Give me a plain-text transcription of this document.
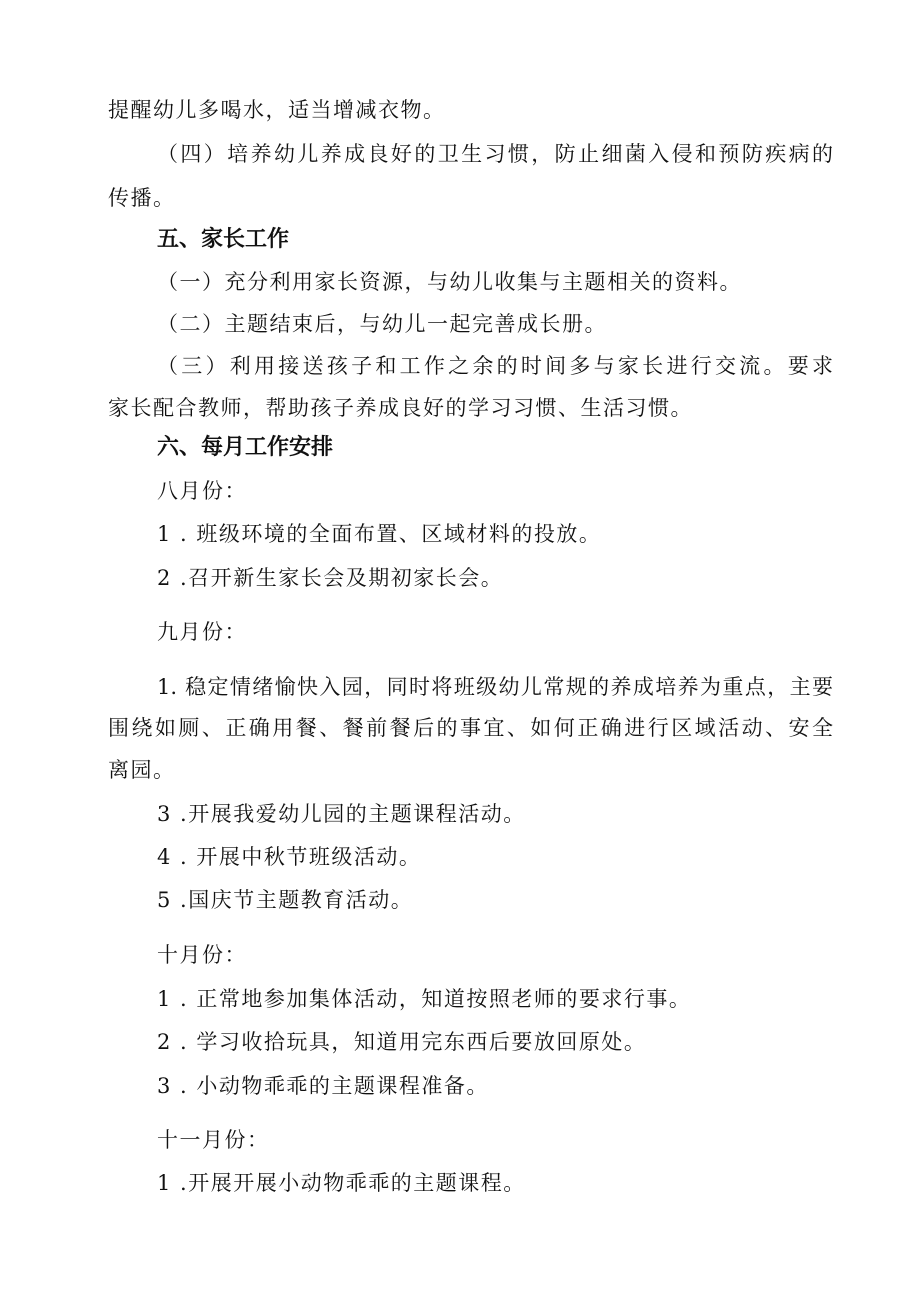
提醒幼儿多喝水，适当增减衣物。

（四）培养幼儿养成良好的卫生习惯，防止细菌入侵和预防疾病的

传播。

五、家长工作

（一）充分利用家长资源，与幼儿收集与主题相关的资料。

（二）主题结束后，与幼儿一起完善成长册。

（三）利用接送孩子和工作之余的时间多与家长进行交流。要求

家长配合教师，帮助孩子养成良好的学习习惯、生活习惯。

六、每月工作安排

八月份：

1 . 班级环境的全面布置、区域材料的投放。

2 .召开新生家长会及期初家长会。

九月份：

1. 稳定情绪愉快入园，同时将班级幼儿常规的养成培养为重点，主要

围绕如厕、正确用餐、餐前餐后的事宜、如何正确进行区域活动、安全

离园。

3 .开展我爱幼儿园的主题课程活动。

4 . 开展中秋节班级活动。

5 .国庆节主题教育活动。

十月份：

1 . 正常地参加集体活动，知道按照老师的要求行事。

2 . 学习收拾玩具，知道用完东西后要放回原处。

3 . 小动物乖乖的主题课程准备。

十一月份：

1 .开展开展小动物乖乖的主题课程。
